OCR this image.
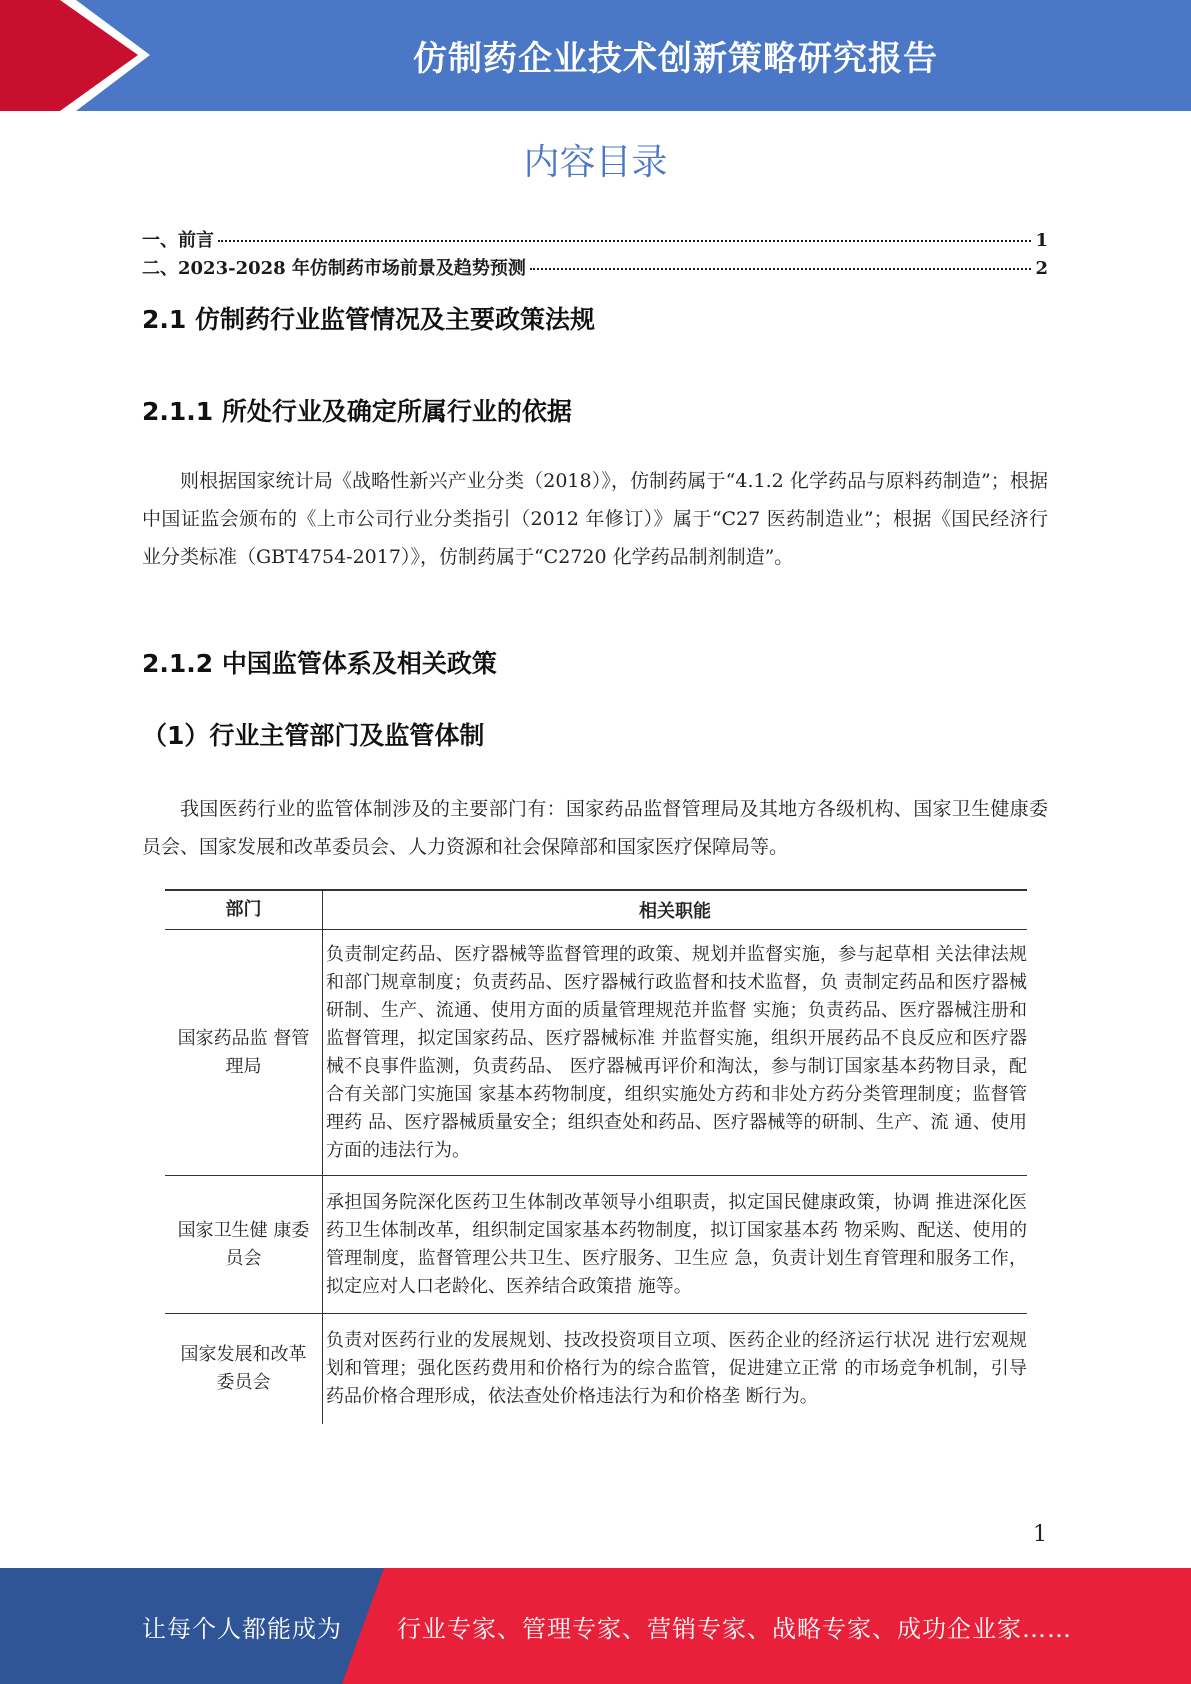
仿制药企业技术创新策略研究报告
内容目录
一、前言	1
二、2023-2028 年仿制药市场前景及趋势预测	2
2.1 仿制药行业监管情况及主要政策法规
2.1.1 所处行业及确定所属行业的依据

则根据国家统计局《战略性新兴产业分类（2018）》，仿制药属于“4.1.2 化学药品与原料药制造”；根据中国证监会颁布的《上市公司行业分类指引（2012 年修订）》属于“C27 医药制造业”；根据《国民经济行业分类标准（GBT4754-2017）》，仿制药属于“C2720 化学药品制剂制造”。

2.1.2 中国监管体系及相关政策
（1）行业主管部门及监管体制

我国医药行业的监管体制涉及的主要部门有：国家药品监督管理局及其地方各级机构、国家卫生健康委员会、国家发展和改革委员会、人力资源和社会保障部和国家医疗保障局等。

部门	相关职能
国家药品监 督管理局	负责制定药品、医疗器械等监督管理的政策、规划并监督实施，参与起草相 关法律法规和部门规章制度；负责药品、医疗器械行政监督和技术监督，负 责制定药品和医疗器械研制、生产、流通、使用方面的质量管理规范并监督 实施；负责药品、医疗器械注册和监督管理，拟定国家药品、医疗器械标准 并监督实施，组织开展药品不良反应和医疗器械不良事件监测，负责药品、 医疗器械再评价和淘汰，参与制订国家基本药物目录，配合有关部门实施国 家基本药物制度，组织实施处方药和非处方药分类管理制度；监督管理药 品、医疗器械质量安全；组织查处和药品、医疗器械等的研制、生产、流 通、使用方面的违法行为。
国家卫生健 康委员会	承担国务院深化医药卫生体制改革领导小组职责，拟定国民健康政策，协调 推进深化医药卫生体制改革，组织制定国家基本药物制度，拟订国家基本药 物采购、配送、使用的管理制度，监督管理公共卫生、医疗服务、卫生应 急，负责计划生育管理和服务工作，拟定应对人口老龄化、医养结合政策措 施等。
国家发展和改革委员会	负责对医药行业的发展规划、技改投资项目立项、医药企业的经济运行状况 进行宏观规划和管理；强化医药费用和价格行为的综合监管，促进建立正常 的市场竞争机制，引导药品价格合理形成，依法查处价格违法行为和价格垄 断行为。
1
让每个人都能成为 行业专家、管理专家、营销专家、战略专家、成功企业家……
